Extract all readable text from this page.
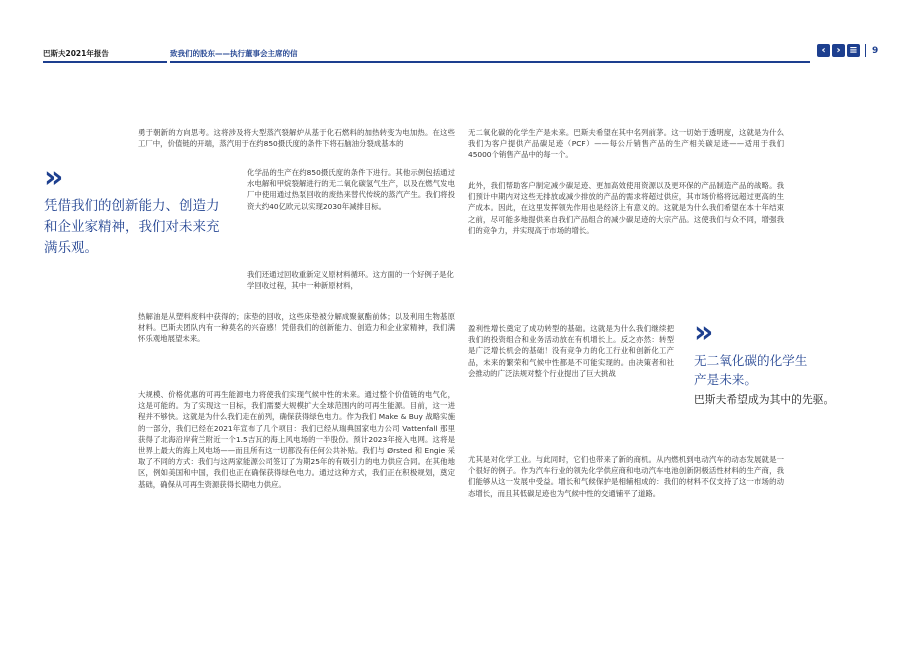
巴斯夫2021年报告	致我们的股东——执行董事会主席的信	‹ › ≡ 9
»

凭借我们的创新能力、创造力和企业家精神，我们对未来充满乐观。

勇于朝新的方向思考。这将涉及将大型蒸汽裂解炉从基于化石燃料的加热转变为电加热。在这些工厂中，价值链的开端，蒸汽用于在约850摄氏度的条件下将石脑油分裂成基本的

化学品的生产在约850摄氏度的条件下进行。其他示例包括通过水电解和甲烷裂解进行的无二氧化碳氢气生产，以及在燃气发电厂中使用通过热泵回收的废热来替代传统的蒸汽产生。我们将投资大约40亿欧元以实现2030年减排目标。

我们还通过回收重新定义原材料循环。这方面的一个好例子是化学回收过程，其中一种新原材料，

热解油是从塑料废料中获得的；床垫的回收，这些床垫被分解成聚氨酯前体；以及利用生物基原材料。巴斯夫团队内有一种莫名的兴奋感！凭借我们的创新能力、创造力和企业家精神，我们满怀乐观地展望未来。

大规模、价格优惠的可再生能源电力将使我们实现气候中性的未来。通过整个价值链的电气化，这是可能的。为了实现这一目标，我们需要大规模扩大全球范围内的可再生能源。目前，这一进程并不够快。这就是为什么我们走在前列，确保获得绿色电力。作为我们 Make & Buy 战略实施的一部分，我们已经在2021年宣布了几个项目：我们已经从瑞典国家电力公司 Vattenfall 那里获得了北海沿岸荷兰附近一个1.5吉瓦的海上风电场的一半股份。预计2023年接入电网。这将是世界上最大的海上风电场——而且所有这一切都没有任何公共补贴。我们与 Ørsted 和 Engie 采取了不同的方式：我们与这两家能源公司签订了为期25年的有吸引力的电力供应合同。在其他地区，例如美国和中国，我们也正在确保获得绿色电力。通过这种方式，我们正在积极规划，奠定基础，确保从可再生资源获得长期电力供应。

无二氧化碳的化学生产是未来。巴斯夫希望在其中名列前茅。这一切始于透明度，这就是为什么我们为客户提供产品碳足迹（PCF）——每公斤销售产品的生产相关碳足迹——适用于我们45000个销售产品中的每一个。

此外，我们帮助客户制定减少碳足迹、更加高效使用资源以及更环保的产品制造产品的战略。我们预计中期内对这些无排放或减少排放的产品的需求将超过供应，其市场价格将远超过更高的生产成本。因此，在这里发挥领先作用也是经济上有意义的。这就是为什么我们希望在本十年结束之前，尽可能多地提供来自我们产品组合的减少碳足迹的大宗产品。这使我们与众不同，增强我们的竞争力，并实现高于市场的增长。

盈利性增长奠定了成功转型的基础。这就是为什么我们继续把我们的投资组合和业务活动放在有机增长上。反之亦然：转型是广泛增长机会的基础！没有竞争力的化工行业和创新化工产品，未来的繁荣和气候中性都是不可能实现的。由决策者和社会推动的广泛法规对整个行业提出了巨大挑战

尤其是对化学工业。与此同时，它们也带来了新的商机。从内燃机到电动汽车的动态发展就是一个很好的例子。作为汽车行业的领先化学供应商和电动汽车电池创新阴极活性材料的生产商，我们能够从这一发展中受益。增长和气候保护是相辅相成的：我们的材料不仅支持了这一市场的动态增长，而且其低碳足迹也为气候中性的交通铺平了道路。

»

无二氧化碳的化学生产是未来。

巴斯夫希望成为其中的先驱。
